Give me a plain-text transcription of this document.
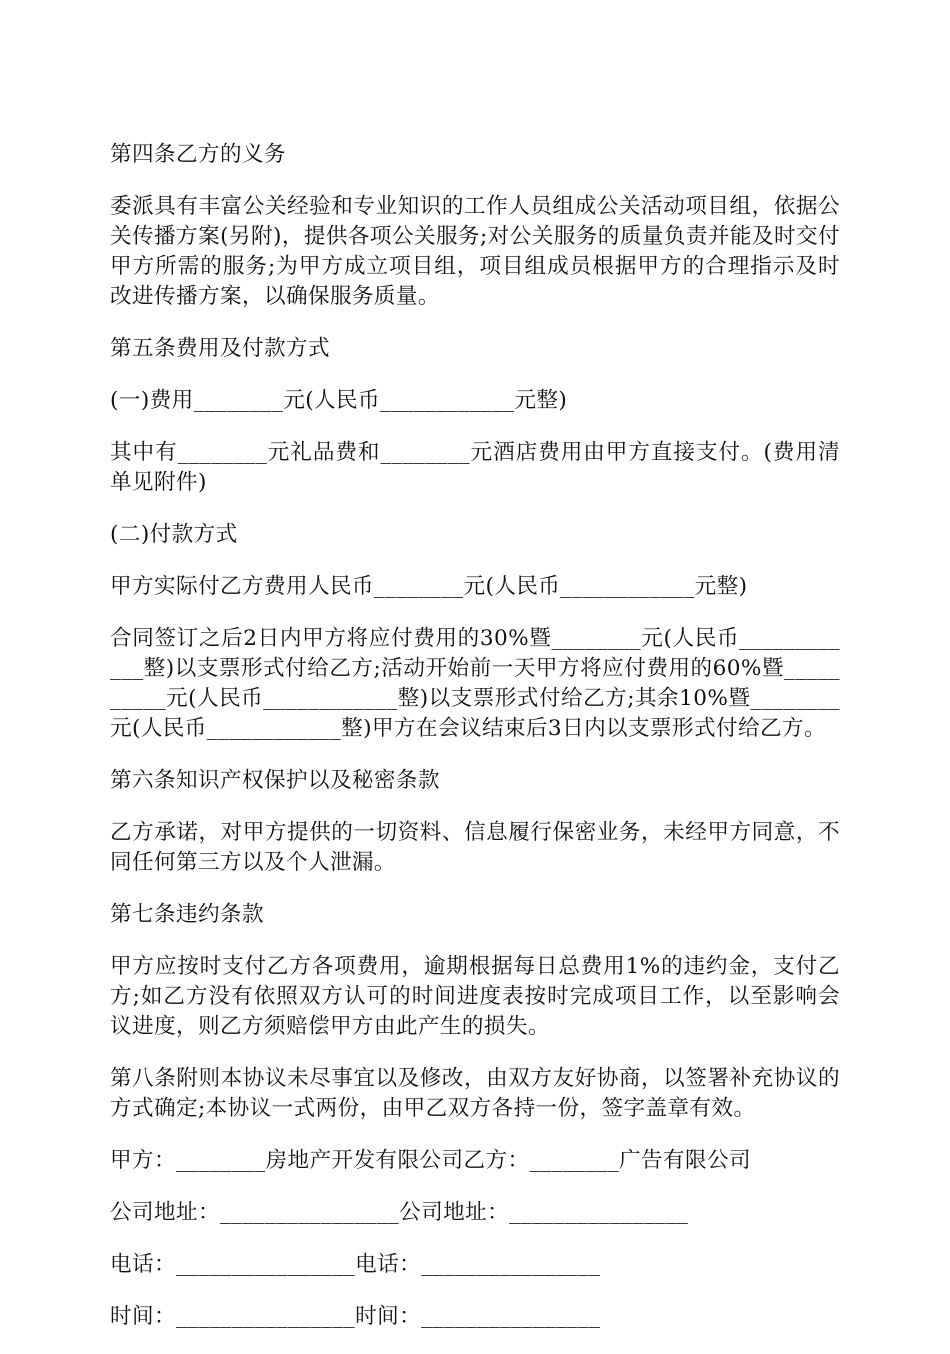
第四条乙方的义务

委派具有丰富公关经验和专业知识的工作人员组成公关活动项目组，依据公关传播方案(另附)，提供各项公关服务;对公关服务的质量负责并能及时交付甲方所需的服务;为甲方成立项目组，项目组成员根据甲方的合理指示及时改进传播方案，以确保服务质量。

第五条费用及付款方式

(一)费用________元(人民币____________元整)

其中有________元礼品费和________元酒店费用由甲方直接支付。(费用清单见附件)

(二)付款方式

甲方实际付乙方费用人民币________元(人民币____________元整)

合同签订之后2日内甲方将应付费用的30%暨________元(人民币____________整)以支票形式付给乙方;活动开始前一天甲方将应付费用的60%暨__________元(人民币____________整)以支票形式付给乙方;其余10%暨________元(人民币____________整)甲方在会议结束后3日内以支票形式付给乙方。

第六条知识产权保护以及秘密条款

乙方承诺，对甲方提供的一切资料、信息履行保密业务，未经甲方同意，不同任何第三方以及个人泄漏。

第七条违约条款

甲方应按时支付乙方各项费用，逾期根据每日总费用1%的违约金，支付乙方;如乙方没有依照双方认可的时间进度表按时完成项目工作，以至影响会议进度，则乙方须赔偿甲方由此产生的损失。

第八条附则本协议未尽事宜以及修改，由双方友好协商，以签署补充协议的方式确定;本协议一式两份，由甲乙双方各持一份，签字盖章有效。

甲方：________房地产开发有限公司乙方：________广告有限公司

公司地址：________________公司地址：________________

电话：________________电话：________________

时间：________________时间：________________
